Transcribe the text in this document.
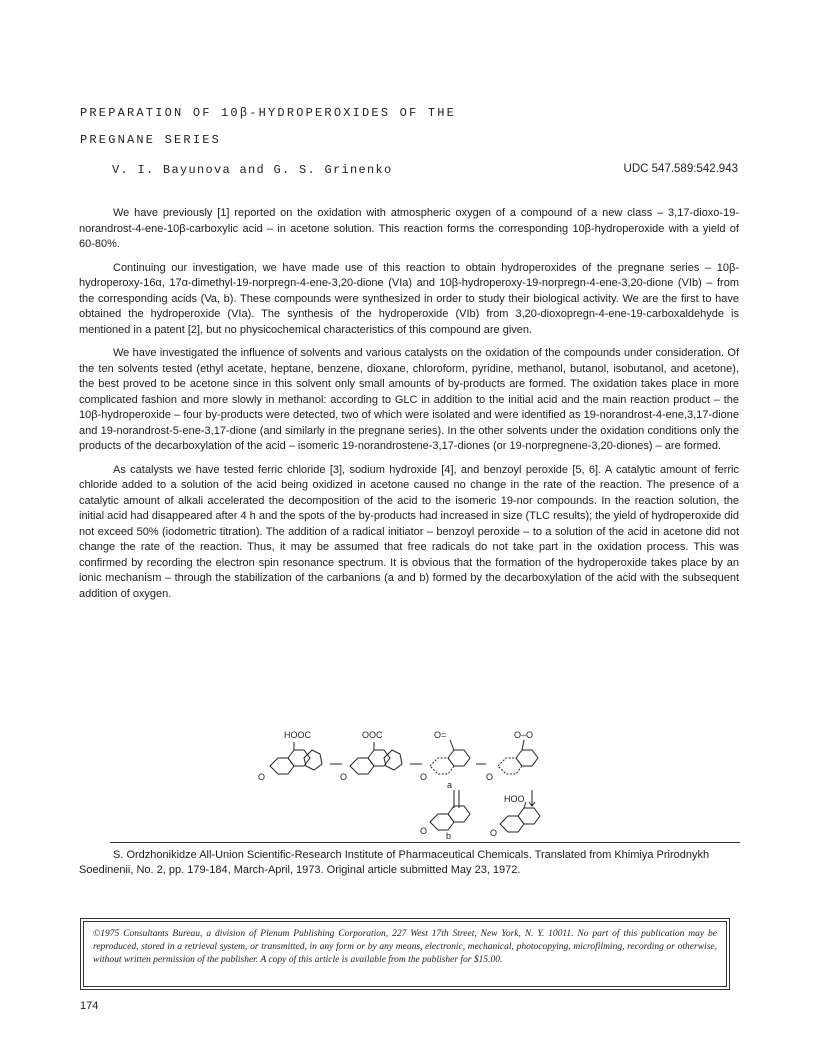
PREPARATION OF 10β-HYDROPEROXIDES OF THE
PREGNANE SERIES
V. I. Bayunova and G. S. Grinenko	UDC 547.589:542.943

We have previously [1] reported on the oxidation with atmospheric oxygen of a compound of a new class – 3,17-dioxo-19-norandrost-4-ene-10β-carboxylic acid – in acetone solution. This reaction forms the corresponding 10β-hydroperoxide with a yield of 60-80%.

Continuing our investigation, we have made use of this reaction to obtain hydroperoxides of the pregnane series – 10β-hydroperoxy-16α, 17α-dimethyl-19-norpregn-4-ene-3,20-dione (VIa) and 10β-hydroperoxy-19-norpregn-4-ene-3,20-dione (VIb) – from the corresponding acids (Va, b). These compounds were synthesized in order to study their biological activity. We are the first to have obtained the hydroperoxide (VIa). The synthesis of the hydroperoxide (VIb) from 3,20-dioxopregn-4-ene-19-carboxaldehyde is mentioned in a patent [2], but no physicochemical characteristics of this compound are given.

We have investigated the influence of solvents and various catalysts on the oxidation of the compounds under consideration. Of the ten solvents tested (ethyl acetate, heptane, benzene, dioxane, chloroform, pyridine, methanol, butanol, isobutanol, and acetone), the best proved to be acetone since in this solvent only small amounts of by-products are formed. The oxidation takes place in more complicated fashion and more slowly in methanol: according to GLC in addition to the initial acid and the main reaction product – the 10β-hydroperoxide – four by-products were detected, two of which were isolated and were identified as 19-norandrost-4-ene,3,17-dione and 19-norandrost-5-ene-3,17-dione (and similarly in the pregnane series). In the other solvents under the oxidation conditions only the products of the decarboxylation of the acid – isomeric 19-norandrostene-3,17-diones (or 19-norpregnene-3,20-diones) – are formed.

As catalysts we have tested ferric chloride [3], sodium hydroxide [4], and benzoyl peroxide [5, 6]. A catalytic amount of ferric chloride added to a solution of the acid being oxidized in acetone caused no change in the rate of the reaction. The presence of a catalytic amount of alkali accelerated the decomposition of the acid to the isomeric 19-nor compounds. In the reaction solution, the initial acid had disappeared after 4 h and the spots of the by-products had increased in size (TLC results); the yield of hydroperoxide did not exceed 50% (iodometric titration). The addition of a radical initiator – benzoyl peroxide – to a solution of the acid in acetone did not change the rate of the reaction. Thus, it may be assumed that free radicals do not take part in the oxidation process. This was confirmed by recording the electron spin resonance spectrum. It is obvious that the formation of the hydroperoxide takes place by an ionic mechanism – through the stabilization of the carbanions (a and b) formed by the decarboxylation of the acid with the subsequent addition of oxygen.

HOOC	OOC	O=	O–O
O	O	O	O
a
HOO
O	O
b

S. Ordzhonikidze All-Union Scientific-Research Institute of Pharmaceutical Chemicals. Translated from Khimiya Prirodnykh Soedinenii, No. 2, pp. 179-184, March-April, 1973. Original article submitted May 23, 1972.

©1975 Consultants Bureau, a division of Plenum Publishing Corporation, 227 West 17th Street, New York, N. Y. 10011. No part of this publication may be reproduced, stored in a retrieval system, or transmitted, in any form or by any means, electronic, mechanical, photocopying, microfilming, recording or otherwise, without written permission of the publisher. A copy of this article is available from the publisher for $15.00.
174
